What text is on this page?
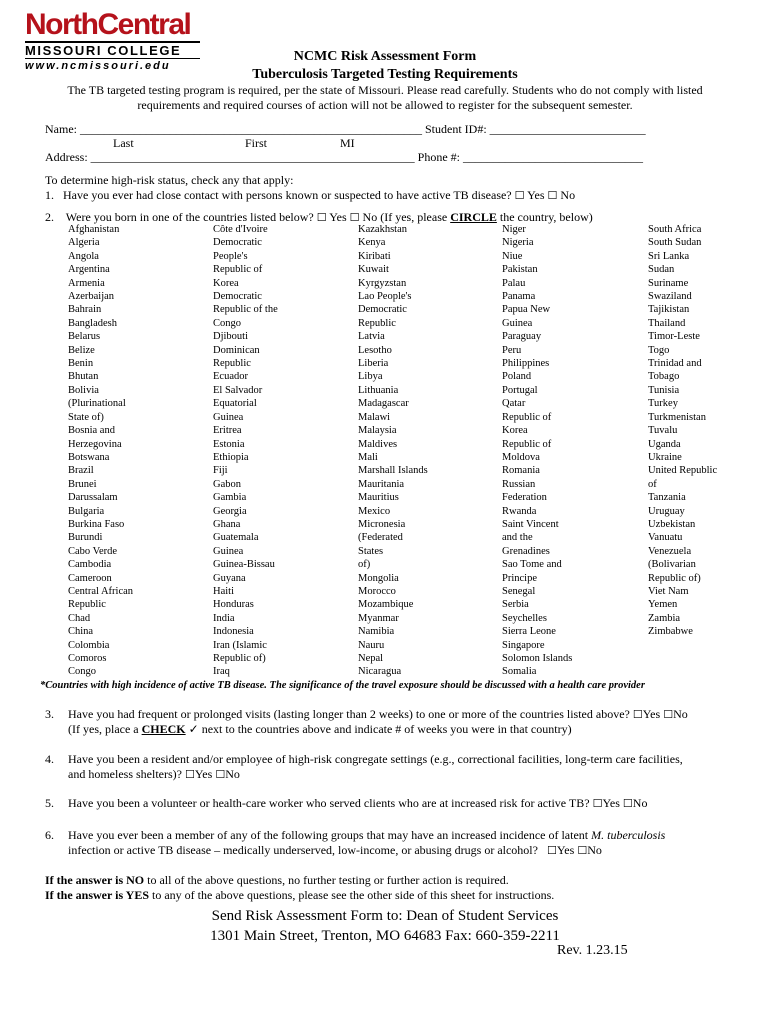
NorthCentral
MISSOURI COLLEGE
www.ncmissouri.edu
NCMC Risk Assessment Form
Tuberculosis Targeted Testing Requirements
The TB targeted testing program is required, per the state of Missouri. Please read carefully. Students who do not comply with listed requirements and required courses of action will not be allowed to register for the subsequent semester.
Name: _________________________________________________________ Student ID#: __________________________
Last	First	MI
Address: ______________________________________________________ Phone #: ______________________________
To determine high-risk status, check any that apply:
1. Have you ever had close contact with persons known or suspected to have active TB disease? ☐ Yes ☐ No
2. Were you born in one of the countries listed below? ☐ Yes ☐ No (If yes, please CIRCLE the country, below)
Afghanistan
Algeria
Angola
Argentina
Armenia
Azerbaijan
Bahrain
Bangladesh
Belarus
Belize
Benin
Bhutan
Bolivia
(Plurinational
State of)
Bosnia and
Herzegovina
Botswana
Brazil
Brunei
Darussalam
Bulgaria
Burkina Faso
Burundi
Cabo Verde
Cambodia
Cameroon
Central African
Republic
Chad
China
Colombia
Comoros
Congo
Côte d'Ivoire
Democratic
People's
Republic of
Korea
Democratic
Republic of the
Congo
Djibouti
Dominican
Republic
Ecuador
El Salvador
Equatorial
Guinea
Eritrea
Estonia
Ethiopia
Fiji
Gabon
Gambia
Georgia
Ghana
Guatemala
Guinea
Guinea-Bissau
Guyana
Haiti
Honduras
India
Indonesia
Iran (Islamic
Republic of)
Iraq
Kazakhstan
Kenya
Kiribati
Kuwait
Kyrgyzstan
Lao People's
Democratic
Republic
Latvia
Lesotho
Liberia
Libya
Lithuania
Madagascar
Malawi
Malaysia
Maldives
Mali
Marshall Islands
Mauritania
Mauritius
Mexico
Micronesia
(Federated
States
of)
Mongolia
Morocco
Mozambique
Myanmar
Namibia
Nauru
Nepal
Nicaragua
Niger
Nigeria
Niue
Pakistan
Palau
Panama
Papua New
Guinea
Paraguay
Peru
Philippines
Poland
Portugal
Qatar
Republic of
Korea
Republic of
Moldova
Romania
Russian
Federation
Rwanda
Saint Vincent
and the
Grenadines
Sao Tome and
Principe
Senegal
Serbia
Seychelles
Sierra Leone
Singapore
Solomon Islands
Somalia
South Africa
South Sudan
Sri Lanka
Sudan
Suriname
Swaziland
Tajikistan
Thailand
Timor-Leste
Togo
Trinidad and
Tobago
Tunisia
Turkey
Turkmenistan
Tuvalu
Uganda
Ukraine
United Republic
of
Tanzania
Uruguay
Uzbekistan
Vanuatu
Venezuela
(Bolivarian
Republic of)
Viet Nam
Yemen
Zambia
Zimbabwe
*Countries with high incidence of active TB disease. The significance of the travel exposure should be discussed with a health care provider
3. Have you had frequent or prolonged visits (lasting longer than 2 weeks) to one or more of the countries listed above? ☐Yes ☐No
(If yes, place a CHECK ✓ next to the countries above and indicate # of weeks you were in that country)
4. Have you been a resident and/or employee of high-risk congregate settings (e.g., correctional facilities, long-term care facilities,
and homeless shelters)? ☐Yes ☐No
5. Have you been a volunteer or health-care worker who served clients who are at increased risk for active TB? ☐Yes ☐No
6. Have you ever been a member of any of the following groups that may have an increased incidence of latent M. tuberculosis
infection or active TB disease – medically underserved, low-income, or abusing drugs or alcohol? ☐Yes ☐No
If the answer is NO to all of the above questions, no further testing or further action is required.
If the answer is YES to any of the above questions, please see the other side of this sheet for instructions.
Send Risk Assessment Form to: Dean of Student Services
1301 Main Street, Trenton, MO 64683 Fax: 660-359-2211
Rev. 1.23.15
